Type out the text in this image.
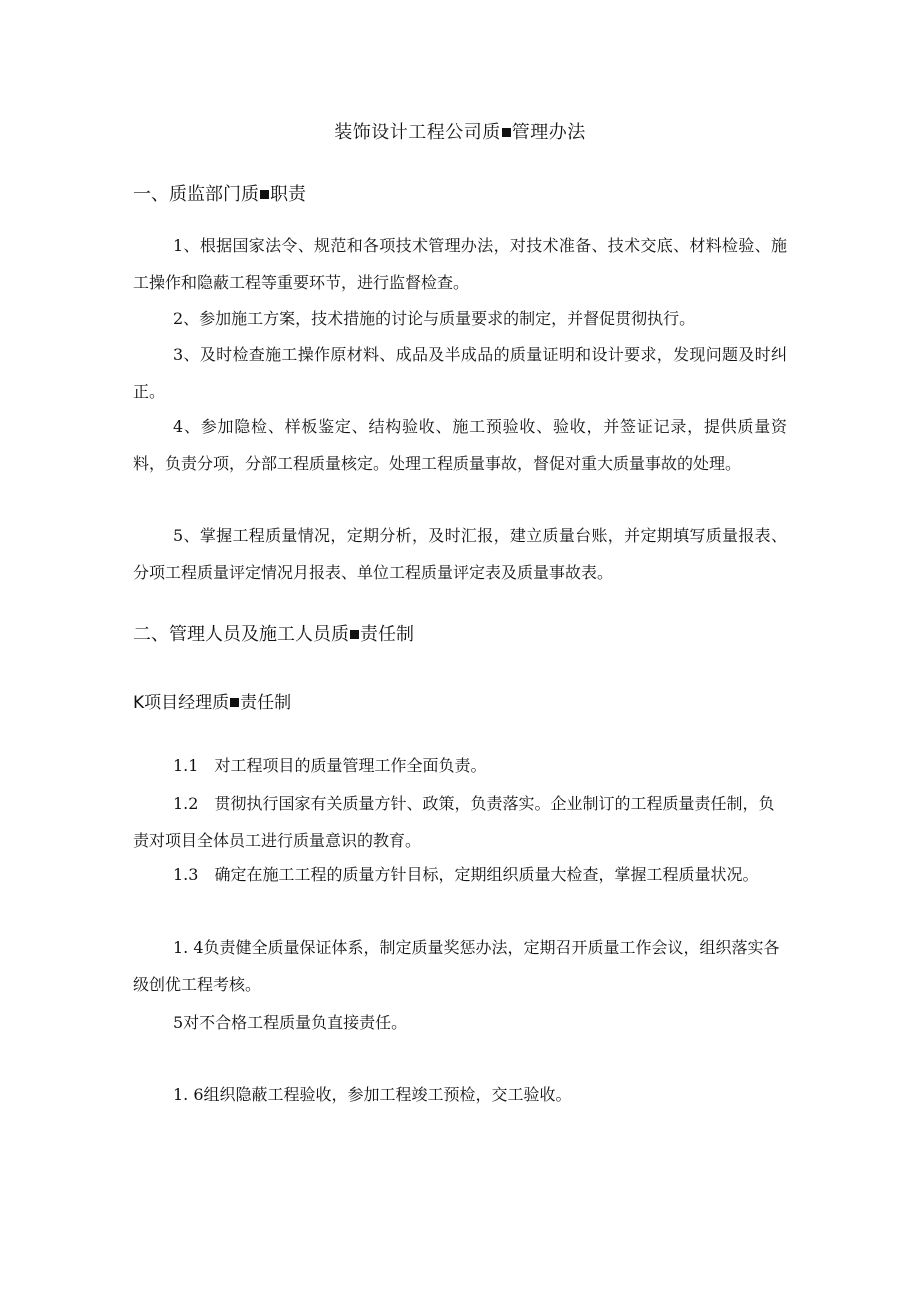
装饰设计工程公司质 管理办法
一、质监部门质 职责
1、根据国家法令、规范和各项技术管理办法，对技术准备、技术交底、材料检验、施工操作和隐蔽工程等重要环节，进行监督检查。
2、参加施工方案，技术措施的讨论与质量要求的制定，并督促贯彻执行。
3、及时检查施工操作原材料、成品及半成品的质量证明和设计要求，发现问题及时纠正。
4、参加隐检、样板鉴定、结构验收、施工预验收、验收，并签证记录，提供质量资料，负责分项，分部工程质量核定。处理工程质量事故，督促对重大质量事故的处理。
5、掌握工程质量情况，定期分析，及时汇报，建立质量台账，并定期填写质量报表、分项工程质量评定情况月报表、单位工程质量评定表及质量事故表。
二、管理人员及施工人员质 责任制
K项目经理质 责任制
1.1　对工程项目的质量管理工作全面负责。
1.2　贯彻执行国家有关质量方针、政策，负责落实。企业制订的工程质量责任制，负责对项目全体员工进行质量意识的教育。
1.3　确定在施工工程的质量方针目标，定期组织质量大检查，掌握工程质量状况。
1. 4负责健全质量保证体系，制定质量奖惩办法，定期召开质量工作会议，组织落实各级创优工程考核。
5对不合格工程质量负直接责任。
1. 6组织隐蔽工程验收，参加工程竣工预检，交工验收。
